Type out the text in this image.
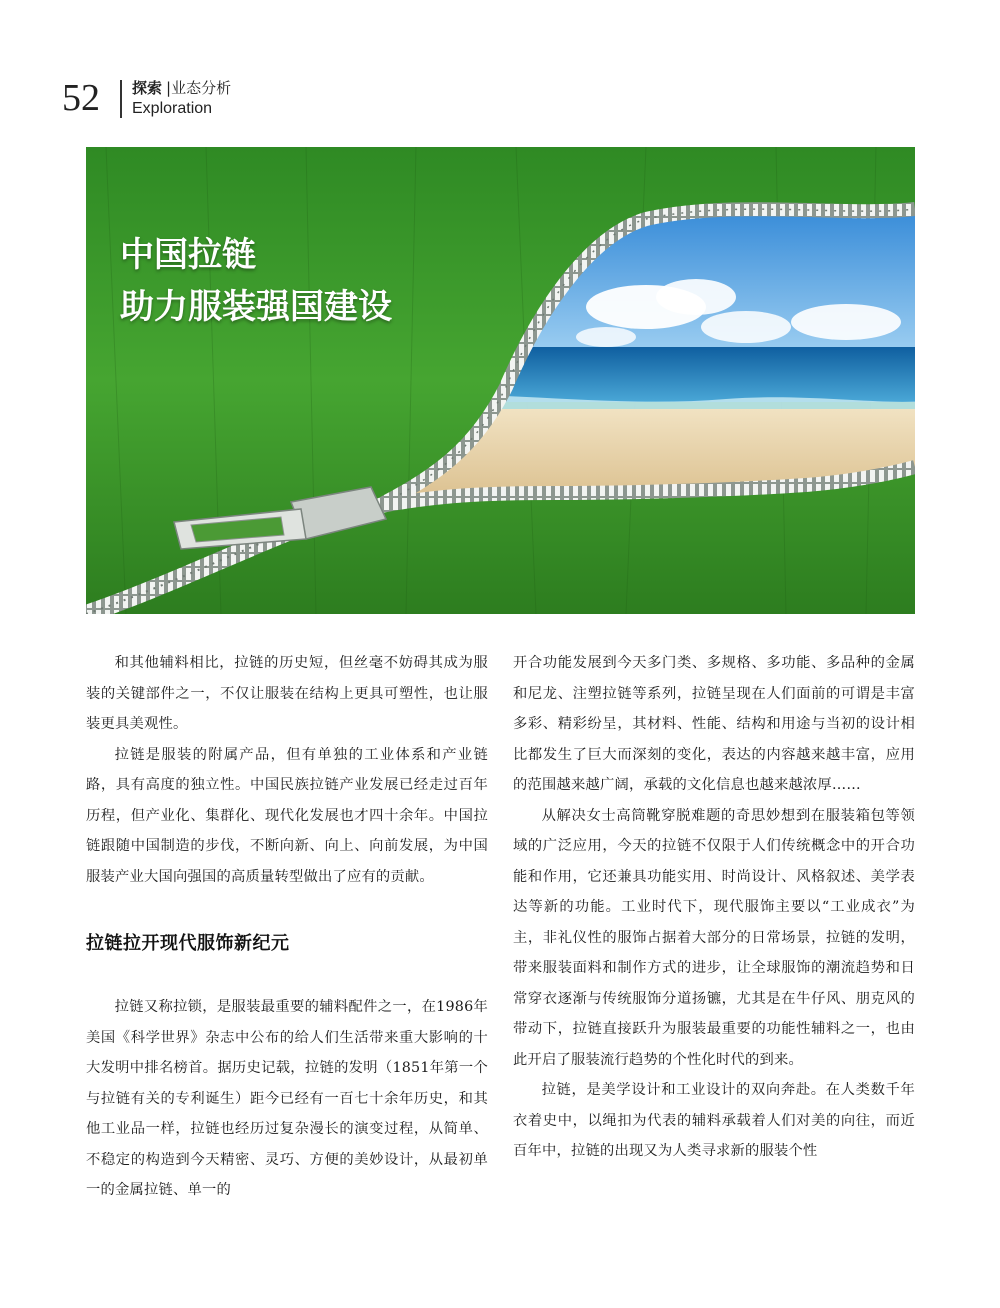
52 探索 |业态分析
Exploration
中国拉链
助力服装强国建设

和其他辅料相比，拉链的历史短，但丝毫不妨碍其成为服装的关键部件之一，不仅让服装在结构上更具可塑性，也让服装更具美观性。

拉链是服装的附属产品，但有单独的工业体系和产业链路，具有高度的独立性。中国民族拉链产业发展已经走过百年历程，但产业化、集群化、现代化发展也才四十余年。中国拉链跟随中国制造的步伐，不断向新、向上、向前发展，为中国服装产业大国向强国的高质量转型做出了应有的贡献。

拉链拉开现代服饰新纪元

拉链又称拉锁，是服装最重要的辅料配件之一，在1986年美国《科学世界》杂志中公布的给人们生活带来重大影响的十大发明中排名榜首。据历史记载，拉链的发明（1851年第一个与拉链有关的专利诞生）距今已经有一百七十余年历史，和其他工业品一样，拉链也经历过复杂漫长的演变过程，从简单、不稳定的构造到今天精密、灵巧、方便的美妙设计，从最初单一的金属拉链、单一的

开合功能发展到今天多门类、多规格、多功能、多品种的金属和尼龙、注塑拉链等系列，拉链呈现在人们面前的可谓是丰富多彩、精彩纷呈，其材料、性能、结构和用途与当初的设计相比都发生了巨大而深刻的变化，表达的内容越来越丰富，应用的范围越来越广阔，承载的文化信息也越来越浓厚……

从解决女士高筒靴穿脱难题的奇思妙想到在服装箱包等领域的广泛应用，今天的拉链不仅限于人们传统概念中的开合功能和作用，它还兼具功能实用、时尚设计、风格叙述、美学表达等新的功能。工业时代下，现代服饰主要以“工业成衣”为主，非礼仪性的服饰占据着大部分的日常场景，拉链的发明，带来服装面料和制作方式的进步，让全球服饰的潮流趋势和日常穿衣逐渐与传统服饰分道扬镳，尤其是在牛仔风、朋克风的带动下，拉链直接跃升为服装最重要的功能性辅料之一，也由此开启了服装流行趋势的个性化时代的到来。

拉链，是美学设计和工业设计的双向奔赴。在人类数千年衣着史中，以绳扣为代表的辅料承载着人们对美的向往，而近百年中，拉链的出现又为人类寻求新的服装个性
